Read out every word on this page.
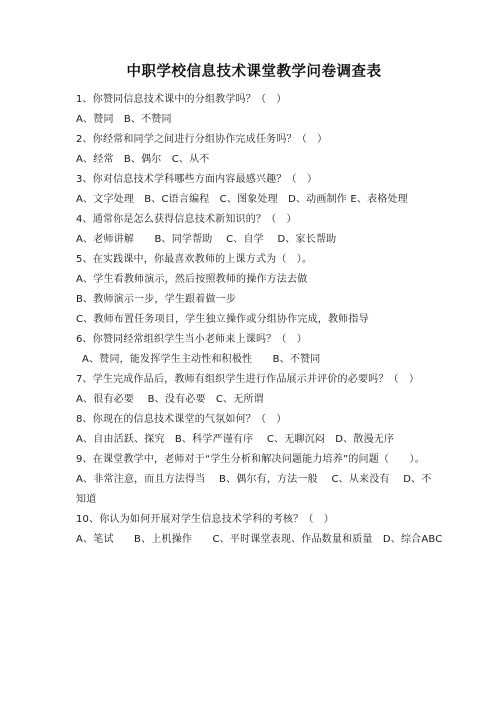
中职学校信息技术课堂教学问卷调查表

1、你赞同信息技术课中的分组教学吗？（　）

A、赞同　B、不赞同

2、你经常和同学之间进行分组协作完成任务吗？（　）

A、经常　B、偶尔　C、从不

3、你对信息技术学科哪些方面内容最感兴趣？（　）

A、文字处理　B、C语言编程　C、图象处理　D、动画制作 E、表格处理

4、通常你是怎么获得信息技术新知识的？（　）

A、老师讲解　　B、同学帮助　 C、自学　 D、家长帮助

5、在实践课中，你最喜欢教师的上课方式为（　）。

A、学生看教师演示，然后按照教师的操作方法去做

B、教师演示一步，学生跟着做一步

C、教师布置任务项目，学生独立操作或分组协作完成，教师指导

6、你赞同经常组织学生当小老师来上课吗？（　）

A、赞同，能发挥学生主动性和积极性　　B、不赞同

7、学生完成作品后，教师有组织学生进行作品展示并评价的必要吗？（　）

A、很有必要　 B、没有必要　C、无所谓

8、你现在的信息技术课堂的气氛如何？（　）

A、自由活跃、探究　B、科学严谨有序　 C、无聊沉闷　D、散漫无序

9、在课堂教学中，老师对于“学生分析和解决问题能力培养”的问题（　　）。

A、非常注意，而且方法得当　 B、偶尔有，方法一般　 C、从来没有　 D、不知道

10、你认为如何开展对学生信息技术学科的考核？（　）

A、笔试　　B、上机操作　　C、平时课堂表现、作品数量和质量　D、综合ABC
